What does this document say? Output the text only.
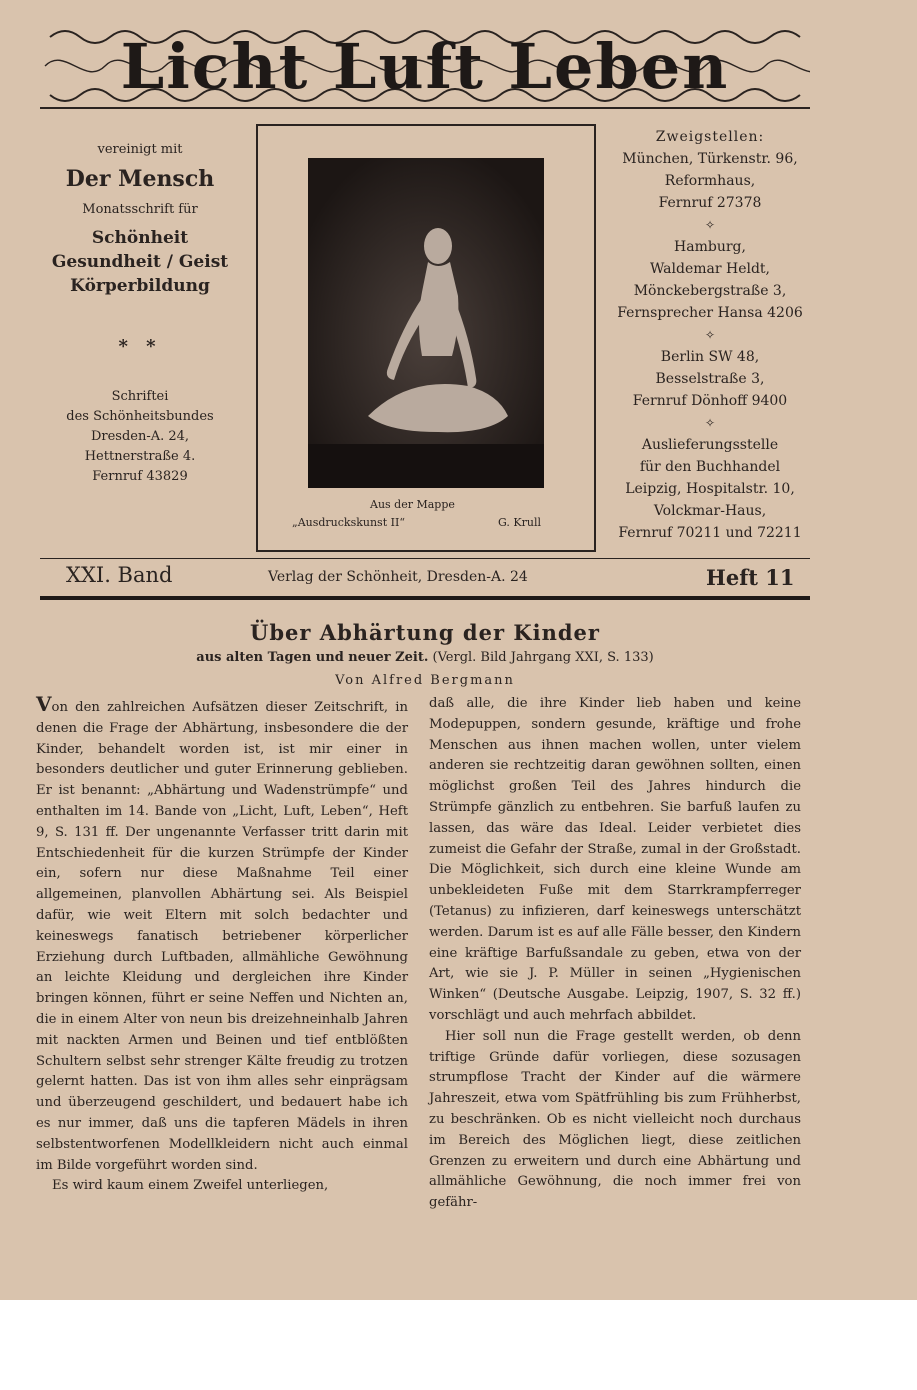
Licht Luft Leben

vereinigt mit

Der Mensch

Monatsschrift für

Schönheit

Gesundheit / Geist

Körperbildung

* *

Schriftei

des Schönheitsbundes

Dresden-A. 24,

Hettnerstraße 4.

Fernruf 43829

Aus der Mappe
„Ausdruckskunst II“	G. Krull

Zweigstellen:

München, Türkenstr. 96,

Reformhaus,

Fernruf 27378

✧

Hamburg,

Waldemar Heldt,

Mönckebergstraße 3,

Fernsprecher Hansa 4206

✧

Berlin SW 48,

Besselstraße 3,

Fernruf Dönhoff 9400

✧

Auslieferungsstelle

für den Buchhandel

Leipzig, Hospitalstr. 10,

Volckmar-Haus,

Fernruf 70211 und 72211

XXI. Band	Verlag der Schönheit, Dresden-A. 24	Heft 11
Über Abhärtung der Kinder
aus alten Tagen und neuer Zeit. (Vergl. Bild Jahrgang XXI, S. 133)
Von Alfred Bergmann

Von den zahlreichen Aufsätzen dieser Zeitschrift, in denen die Frage der Abhärtung, insbesondere die der Kinder, behandelt worden ist, ist mir einer in besonders deutlicher und guter Erinnerung geblieben. Er ist benannt: „Abhärtung und Wadenstrümpfe“ und enthalten im 14. Bande von „Licht, Luft, Leben“, Heft 9, S. 131 ff. Der ungenannte Verfasser tritt darin mit Entschiedenheit für die kurzen Strümpfe der Kinder ein, sofern nur diese Maßnahme Teil einer allgemeinen, planvollen Abhärtung sei. Als Beispiel dafür, wie weit Eltern mit solch bedachter und keineswegs fanatisch betriebener körperlicher Erziehung durch Luftbaden, allmähliche Gewöhnung an leichte Kleidung und dergleichen ihre Kinder bringen können, führt er seine Neffen und Nichten an, die in einem Alter von neun bis dreizehneinhalb Jahren mit nackten Armen und Beinen und tief entblößten Schultern selbst sehr strenger Kälte freudig zu trotzen gelernt hatten. Das ist von ihm alles sehr einprägsam und überzeugend geschildert, und bedauert habe ich es nur immer, daß uns die tapferen Mädels in ihren selbstentworfenen Modellkleidern nicht auch einmal im Bilde vorgeführt worden sind.

Es wird kaum einem Zweifel unterliegen,

daß alle, die ihre Kinder lieb haben und keine Modepuppen, sondern gesunde, kräftige und frohe Menschen aus ihnen machen wollen, unter vielem anderen sie rechtzeitig daran gewöhnen sollten, einen möglichst großen Teil des Jahres hindurch die Strümpfe gänzlich zu entbehren. Sie barfuß laufen zu lassen, das wäre das Ideal. Leider verbietet dies zumeist die Gefahr der Straße, zumal in der Großstadt. Die Möglichkeit, sich durch eine kleine Wunde am unbekleideten Fuße mit dem Starrkrampferreger (Tetanus) zu infizieren, darf keineswegs unterschätzt werden. Darum ist es auf alle Fälle besser, den Kindern eine kräftige Barfußsandale zu geben, etwa von der Art, wie sie J. P. Müller in seinen „Hygienischen Winken“ (Deutsche Ausgabe. Leipzig, 1907, S. 32 ff.) vorschlägt und auch mehrfach abbildet.

Hier soll nun die Frage gestellt werden, ob denn triftige Gründe dafür vorliegen, diese sozusagen strumpflose Tracht der Kinder auf die wärmere Jahreszeit, etwa vom Spätfrühling bis zum Frühherbst, zu beschränken. Ob es nicht vielleicht noch durchaus im Bereich des Möglichen liegt, diese zeitlichen Grenzen zu erweitern und durch eine Abhärtung und allmähliche Gewöhnung, die noch immer frei von gefähr-
